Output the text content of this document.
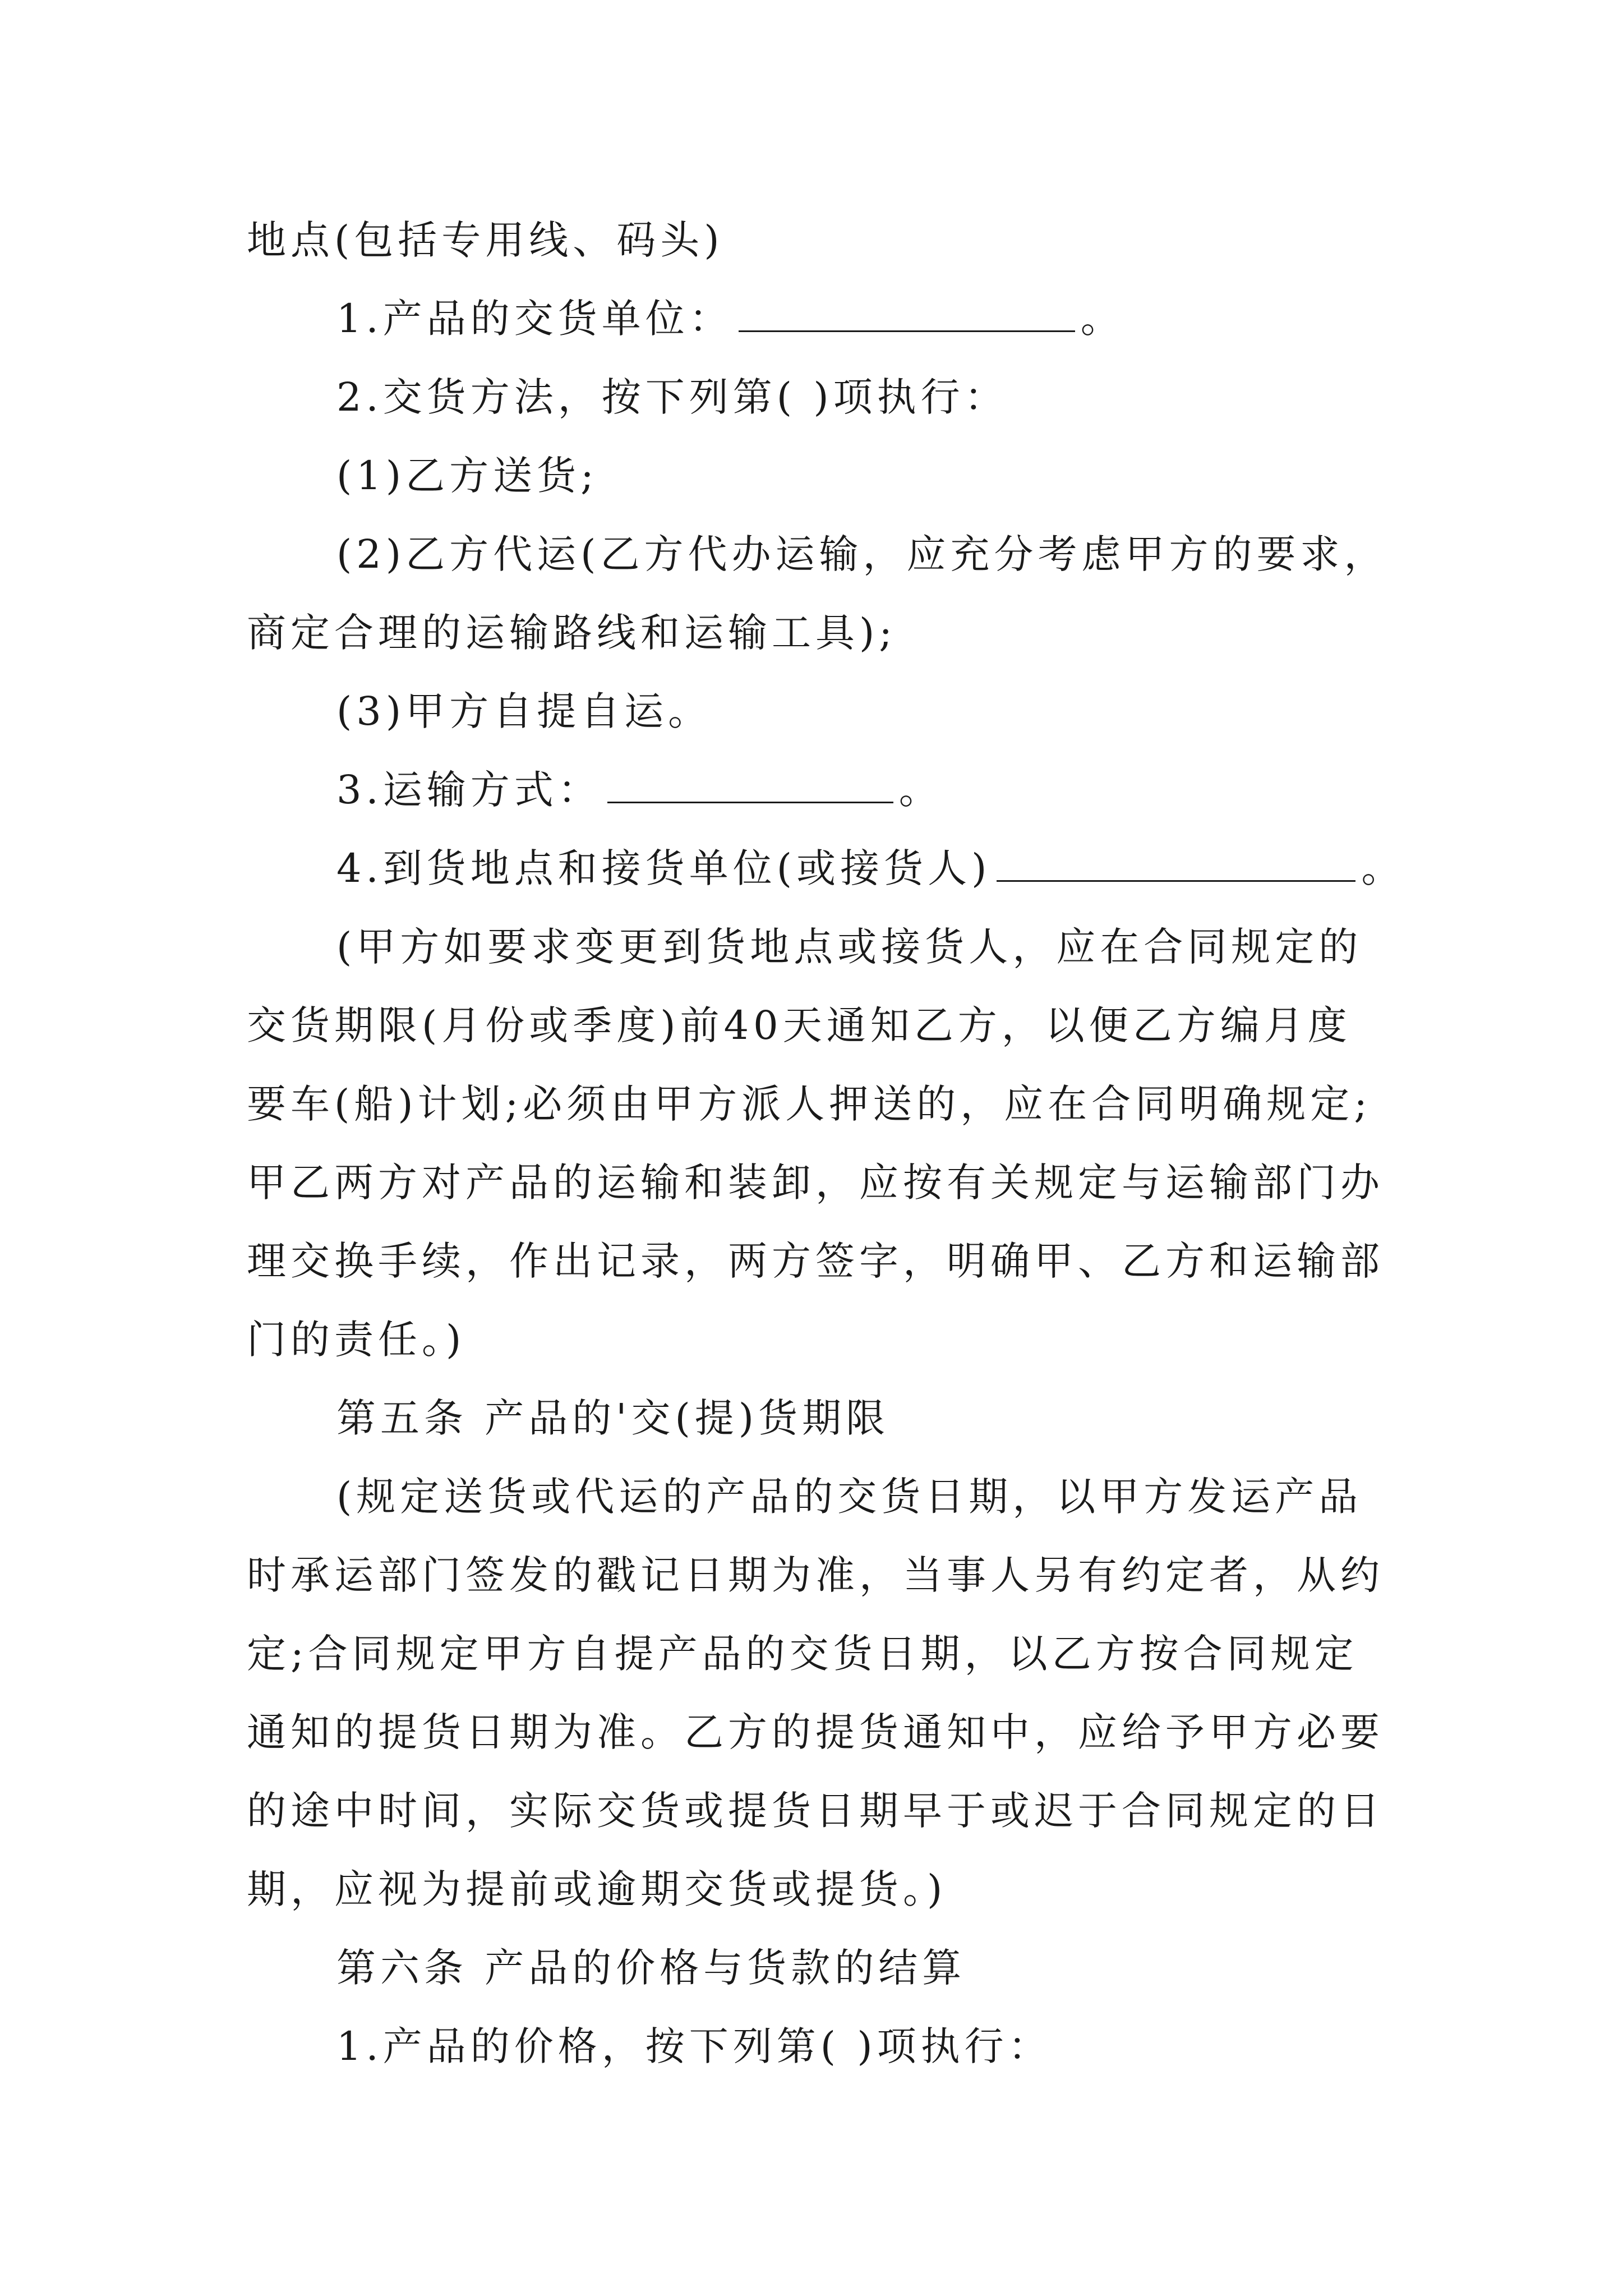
地点(包括专用线、码头)
1.产品的交货单位：	。
2.交货方法，按下列第( )项执行：
(1)乙方送货;
(2)乙方代运(乙方代办运输，应充分考虑甲方的要求，
商定合理的运输路线和运输工具);
(3)甲方自提自运。
3.运输方式：	。
4.到货地点和接货单位(或接货人)	。
(甲方如要求变更到货地点或接货人，应在合同规定的
交货期限(月份或季度)前40天通知乙方，以便乙方编月度
要车(船)计划;必须由甲方派人押送的，应在合同明确规定;
甲乙两方对产品的运输和装卸，应按有关规定与运输部门办
理交换手续，作出记录，两方签字，明确甲、乙方和运输部
门的责任。)
第五条 产品的'交(提)货期限
(规定送货或代运的产品的交货日期，以甲方发运产品
时承运部门签发的戳记日期为准，当事人另有约定者，从约
定;合同规定甲方自提产品的交货日期，以乙方按合同规定
通知的提货日期为准。乙方的提货通知中，应给予甲方必要
的途中时间，实际交货或提货日期早于或迟于合同规定的日
期，应视为提前或逾期交货或提货。)
第六条 产品的价格与货款的结算
1.产品的价格，按下列第( )项执行：
